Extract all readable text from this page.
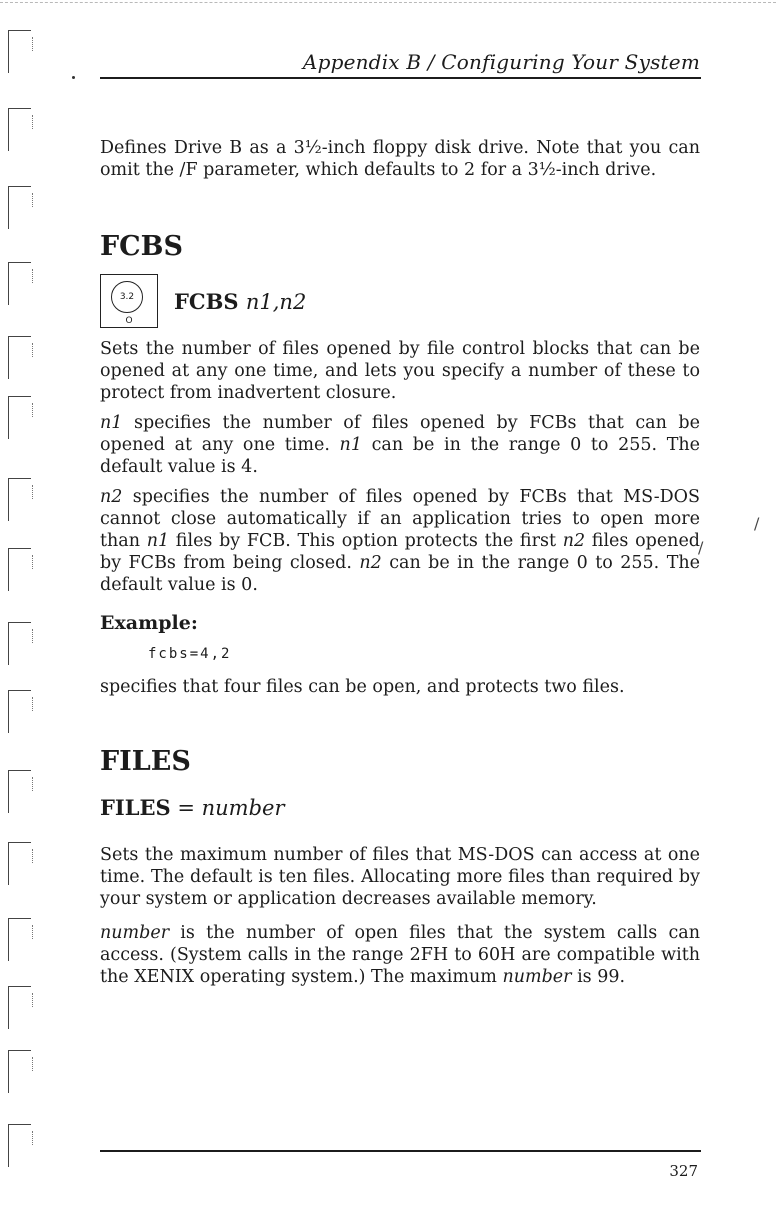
Appendix B / Configuring Your System
/
/

Defines Drive B as a 3½-inch floppy disk drive. Note that you can omit the /F parameter, which defaults to 2 for a 3½-inch drive.

FCBS
3.2
O
FCBS n1,n2

Sets the number of files opened by file control blocks that can be opened at any one time, and lets you specify a number of these to protect from inadvertent closure.

n1 specifies the number of files opened by FCBs that can be opened at any one time. n1 can be in the range 0 to 255. The default value is 4.

n2 specifies the number of files opened by FCBs that MS-DOS cannot close automatically if an application tries to open more than n1 files by FCB. This option protects the first n2 files opened by FCBs from being closed. n2 can be in the range 0 to 255. The default value is 0.

Example:
fcbs=4,2

specifies that four files can be open, and protects two files.

FILES
FILES = number

Sets the maximum number of files that MS-DOS can access at one time. The default is ten files. Allocating more files than required by your system or application decreases available memory.

number is the number of open files that the system calls can access. (System calls in the range 2FH to 60H are compatible with the XENIX operating system.) The maximum number is 99.

327
